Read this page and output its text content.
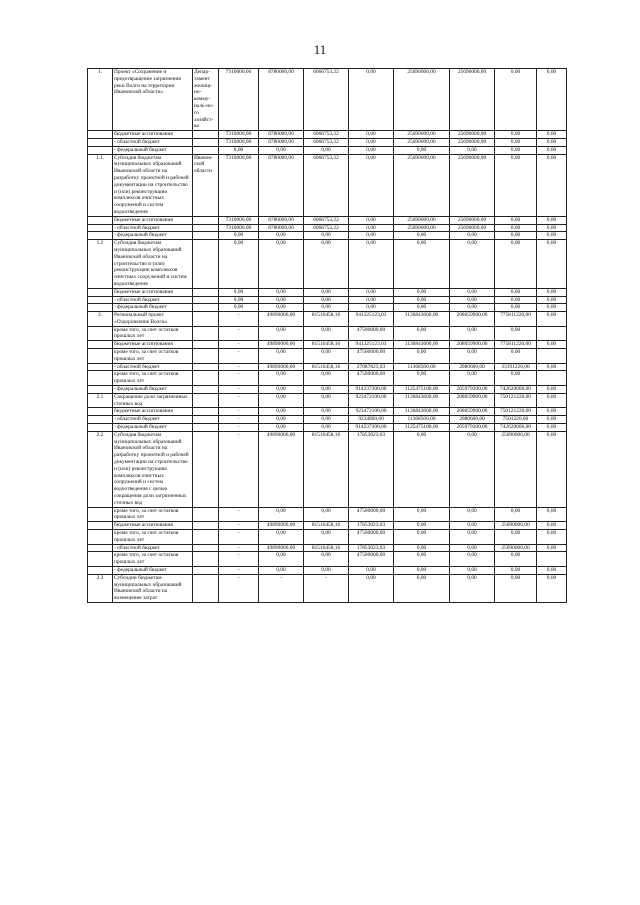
11
1.	Проект «Сохранение и предотвращение загрязнения реки Волги на территории Ивановской области»	Депар-тамент жилищ-но-комму-наль-но-го хозяйст-ва	7310000,00	8780000,00	6066753,22	0,00	25690000,00	25690000,00	0,00	0,00
	бюджетные ассигнования		7310000,00	8780000,00	6066753,22	0,00	25690000,00	25690000,00	0,00	0,00
	- областной бюджет		7310000,00	8780000,00	6066753,22	0,00	25690000,00	25690000,00	0,00	0,00
	- федеральный бюджет		0,00	0,00	0,00	0,00	0,00	0,00	0,00	0,00
1.1.	Субсидия бюджетам муниципальных образований Ивановской области на разработку проектной и рабочей документации на строительство и (или) реконструкцию комплексов очистных сооружений и систем водоотведения	Иванов-ской области	7310000,00	8780000,00	6066753,22	0,00	25690000,00	25690000,00	0,00	0,00
	бюджетные ассигнования		7310000,00	8780000,00	6066753,22	0,00	25690000,00	25690000,00	0,00	0,00
	- областной бюджет		7310000,00	8780000,00	6066753,22	0,00	25690000,00	25690000,00	0,00	0,00
	- федеральный бюджет		0,00	0,00	0,00	0,00	0,00	0,00	0,00	0,00
1.2	Субсидия бюджетам муниципальных образований Ивановской области на строительство и (или) реконструкцию комплексов очистных сооружений и систем водоотведения		0,00	0,00	0,00	0,00	0,00	0,00	0,00	0,00
	бюджетные ассигнования		0,00	0,00	0,00	0,00	0,00	0,00	0,00	0,00
	- областной бюджет		0,00	0,00	0,00	0,00	0,00	0,00	0,00	0,00
	- федеральный бюджет		0,00	0,00	0,00	0,00	0,00	0,00	0,00	0,00
2.	Региональный проект «Оздоровление Волги»		-	49890000,00	81516458,16	941325123,03	1136843600,00	208059900,00	775811220,00	0,00
	кроме того, за счет остатков прошлых лет		-	0,00	0,00	47500000,00	0,00	0,00	0,00	
	бюджетные ассигнования		-	49890000,00	81516458,16	941325123,03	1136843600,00	208059900,00	775811220,00	0,00
	кроме того, за счет остатков прошлых лет		-	0,00	0,00	47500000,00	0,00	0,00	0,00	
	- областной бюджет		-	49890000,00	81516458,16	27087823,03	11368500,00	2080600,00	33191220,00	0,00
	кроме того, за счет остатков прошлых лет		-	0,00	0,00	47500000,00	0,00	0,00	0,00	
	- федеральный бюджет		-	0,00	0,00	914237300,00	1125475100,00	205979300,00	742620000,00	0,00
2.1	Сокращение доли загрязненных сточных вод		-	0,00	0,00	923472100,00	1136843600,00	208059900,00	750121220,00	0,00
	бюджетные ассигнования		-	0,00	0,00	923472100,00	1136843600,00	208059900,00	750121220,00	0,00
	- областной бюджет		-	0,00	0,00	9234800,00	11368500,00	2080600,00	7501220,00	0,00
	- федеральный бюджет		-	0,00	0,00	914237300,00	1125475100,00	205979300,00	742620000,00	0,00
2.2	Субсидия бюджетам муниципальных образований Ивановской области на разработку проектной и рабочей документации на строительство и (или) реконструкцию комплексов очистных сооружений и систем водоотведения с целью сокращения доли загрязненных сточных вод		-	49890000,00	81516458,16	17853023,03	0,00	0,00	25690000,00	0,00
	кроме того, за счет остатков прошлых лет		-	0,00	0,00	47500000,00	0,00	0,00	0,00	0,00
	бюджетные ассигнования		-	49890000,00	81516458,16	17853023,03	0,00	0,00	25690000,00	0,00
	кроме того, за счет остатков прошлых лет		-	0,00	0,00	47500000,00	0,00	0,00	0,00	0,00
	- областной бюджет		-	49890000,00	81516458,16	17853023,03	0,00	0,00	25690000,00	0,00
	кроме того, за счет остатков прошлых лет		-	0,00	0,00	47500000,00	0,00	0,00	0,00	
	- федеральный бюджет		-	0,00	0,00	0,00	0,00	0,00	0,00	0,00
2.3	Субсидии бюджетам муниципальных образований Ивановской области на возмещение затрат		-	-	-	0,00	0,00	0,00	0,00	0,00
